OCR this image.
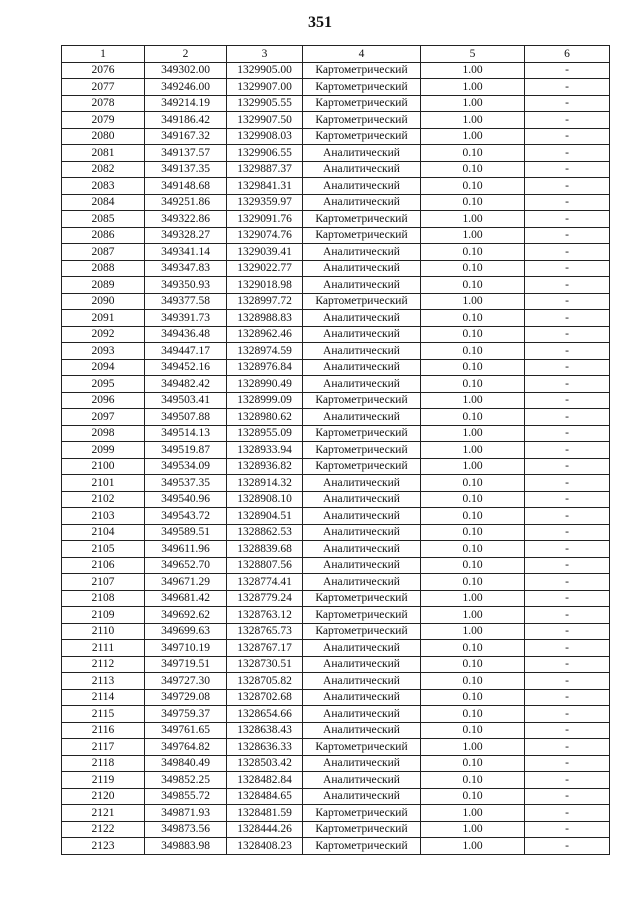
351
1	2	3	4	5	6
2076	349302.00	1329905.00	Картометрический	1.00	-
2077	349246.00	1329907.00	Картометрический	1.00	-
2078	349214.19	1329905.55	Картометрический	1.00	-
2079	349186.42	1329907.50	Картометрический	1.00	-
2080	349167.32	1329908.03	Картометрический	1.00	-
2081	349137.57	1329906.55	Аналитический	0.10	-
2082	349137.35	1329887.37	Аналитический	0.10	-
2083	349148.68	1329841.31	Аналитический	0.10	-
2084	349251.86	1329359.97	Аналитический	0.10	-
2085	349322.86	1329091.76	Картометрический	1.00	-
2086	349328.27	1329074.76	Картометрический	1.00	-
2087	349341.14	1329039.41	Аналитический	0.10	-
2088	349347.83	1329022.77	Аналитический	0.10	-
2089	349350.93	1329018.98	Аналитический	0.10	-
2090	349377.58	1328997.72	Картометрический	1.00	-
2091	349391.73	1328988.83	Аналитический	0.10	-
2092	349436.48	1328962.46	Аналитический	0.10	-
2093	349447.17	1328974.59	Аналитический	0.10	-
2094	349452.16	1328976.84	Аналитический	0.10	-
2095	349482.42	1328990.49	Аналитический	0.10	-
2096	349503.41	1328999.09	Картометрический	1.00	-
2097	349507.88	1328980.62	Аналитический	0.10	-
2098	349514.13	1328955.09	Картометрический	1.00	-
2099	349519.87	1328933.94	Картометрический	1.00	-
2100	349534.09	1328936.82	Картометрический	1.00	-
2101	349537.35	1328914.32	Аналитический	0.10	-
2102	349540.96	1328908.10	Аналитический	0.10	-
2103	349543.72	1328904.51	Аналитический	0.10	-
2104	349589.51	1328862.53	Аналитический	0.10	-
2105	349611.96	1328839.68	Аналитический	0.10	-
2106	349652.70	1328807.56	Аналитический	0.10	-
2107	349671.29	1328774.41	Аналитический	0.10	-
2108	349681.42	1328779.24	Картометрический	1.00	-
2109	349692.62	1328763.12	Картометрический	1.00	-
2110	349699.63	1328765.73	Картометрический	1.00	-
2111	349710.19	1328767.17	Аналитический	0.10	-
2112	349719.51	1328730.51	Аналитический	0.10	-
2113	349727.30	1328705.82	Аналитический	0.10	-
2114	349729.08	1328702.68	Аналитический	0.10	-
2115	349759.37	1328654.66	Аналитический	0.10	-
2116	349761.65	1328638.43	Аналитический	0.10	-
2117	349764.82	1328636.33	Картометрический	1.00	-
2118	349840.49	1328503.42	Аналитический	0.10	-
2119	349852.25	1328482.84	Аналитический	0.10	-
2120	349855.72	1328484.65	Аналитический	0.10	-
2121	349871.93	1328481.59	Картометрический	1.00	-
2122	349873.56	1328444.26	Картометрический	1.00	-
2123	349883.98	1328408.23	Картометрический	1.00	-
